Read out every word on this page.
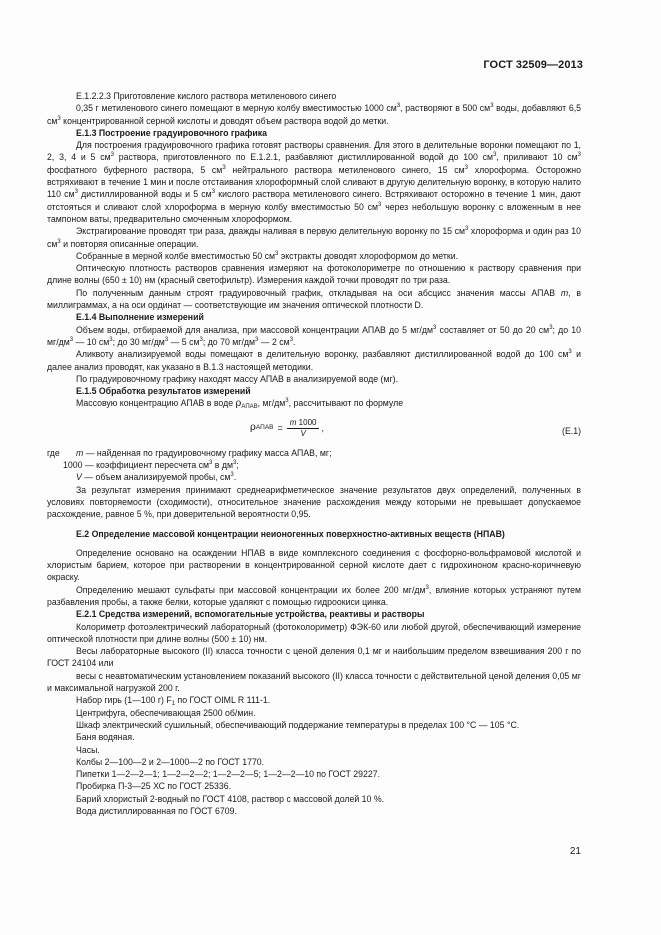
ГОСТ 32509—2013

Е.1.2.2.3 Приготовление кислого раствора метиленового синего

0,35 г метиленового синего помещают в мерную колбу вместимостью 1000 $см^3$, растворяют в 500 $см^3$ воды, добавляют 6,5 $см^3$ концентрированной серной кислоты и доводят объем раствора водой до метки.

Е.1.3 Построение градуировочного графика

Для построения градуировочного графика готовят растворы сравнения. Для этого в делительные воронки помещают по 1, 2, 3, 4 и 5 $см^3$ раствора, приготовленного по Е.1.2.1, разбавляют дистиллированной водой до 100 $см^3$, приливают 10 $см^3$ фосфатного буферного раствора, 5 $см^3$ нейтрального раствора метиленового синего, 15 $см^3$ хлороформа. Осторожно встряхивают в течение 1 мин и после отстаивания хлороформный слой сливают в другую делительную воронку, в которую налито 110 $см^3$ дистиллированной воды и 5 $см^3$ кислого раствора метиленового синего. Встряхивают осторожно в течение 1 мин, дают отстояться и сливают слой хлороформа в мерную колбу вместимостью 50 $см^3$ через небольшую воронку с вложенным в нее тампоном ваты, предварительно смоченным хлороформом.

Экстрагирование проводят три раза, дважды наливая в первую делительную воронку по 15 $см^3$ хлороформа и один раз 10 $см^3$ и повторяя описанные операции.

Собранные в мерной колбе вместимостью 50 $см^3$ экстракты доводят хлороформом до метки.

Оптическую плотность растворов сравнения измеряют на фотоколориметре по отношению к раствору сравнения при длине волны (650 ± 10) нм (красный светофильтр). Измерения каждой точки проводят по три раза.

По полученным данным строят градуировочный график, откладывая на оси абсцисс значения массы АПАВ m, в миллиграммах, а на оси ординат — соответствующие им значения оптической плотности D.

Е.1.4 Выполнение измерений

Объем воды, отбираемой для анализа, при массовой концентрации АПАВ до 5 $мг/дм^3$ составляет от 50 до 20 $см^3$; до 10 $мг/дм^3$ — 10 $см^3$; до 30 $мг/дм^3$ — 5 $см^3$; до 70 $мг/дм^3$ — 2 $см^3$.

Аликвоту анализируемой воды помещают в делительную воронку, разбавляют дистиллированной водой до 100 $см^3$ и далее анализ проводят, как указано в В.1.3 настоящей методики.

По градуировочному графику находят массу АПАВ в анализируемой воде (мг).

Е.1.5 Обработка результатов измерений

Массовую концентрацию АПАВ в воде $\rho_{АПАВ}$, $мг/дм^3$, рассчитывают по формуле

ρ АПАВ = $\frac{m 1000}{V}$ ,	(Е.1)
где	m — найденная по градуировочному графику масса АПАВ, мг;

1000 — коэффициент пересчета $см^3$ в $дм^3$;

V — объем анализируемой пробы, $см^3$.

За результат измерения принимают среднеарифметическое значение результатов двух определений, полученных в условиях повторяемости (сходимости), относительное значение расхождения между которыми не превышает допускаемое расхождение, равное 5 %, при доверительной вероятности 0,95.

Е.2 Определение массовой концентрации неионогенных поверхностно-активных веществ (НПАВ)

Определение основано на осаждении НПАВ в виде комплексного соединения с фосфорно-вольфрамовой кислотой и хлористым барием, которое при растворении в концентрированной серной кислоте дает с гидрохиноном красно-коричневую окраску.

Определению мешают сульфаты при массовой концентрации их более 200 $мг/дм^3$, влияние которых устраняют путем разбавления пробы, а также белки, которые удаляют с помощью гидроокиси цинка.

Е.2.1 Средства измерений, вспомогательные устройства, реактивы и растворы

Колориметр фотоэлектрический лабораторный (фотоколориметр) ФЭК-60 или любой другой, обеспечивающий измерение оптической плотности при длине волны (500 ± 10) нм.

Весы лабораторные высокого (II) класса точности с ценой деления 0,1 мг и наибольшим пределом взвешивания 200 г по ГОСТ 24104 или

весы с неавтоматическим установлением показаний высокого (II) класса точности с действительной ценой деления 0,05 мг и максимальной нагрузкой 200 г.

Набор гирь (1—100 г) $F_1$ по ГОСТ OIML R 111-1.

Центрифуга, обеспечивающая 2500 об/мин.

Шкаф электрический сушильный, обеспечивающий поддержание температуры в пределах 100 °С — 105 °С.

Баня водяная.

Часы.

Колбы 2—100—2 и 2—1000—2 по ГОСТ 1770.

Пипетки 1—2—2—1; 1—2—2—2; 1—2—2—5; 1—2—2—10 по ГОСТ 29227.

Пробирка П-3—25 ХС по ГОСТ 25336.

Барий хлористый 2-водный по ГОСТ 4108, раствор с массовой долей 10 %.

Вода дистиллированная по ГОСТ 6709.

21
